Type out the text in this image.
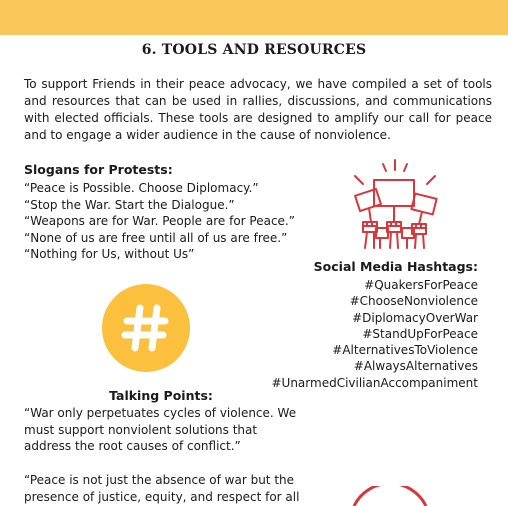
6. TOOLS AND RESOURCES
To support Friends in their peace advocacy, we have compiled a set of tools and resources that can be used in rallies, discussions, and communications with elected officials. These tools are designed to amplify our call for peace and to engage a wider audience in the cause of nonviolence.
Slogans for Protests:
“Peace is Possible. Choose Diplomacy.”
“Stop the War. Start the Dialogue.”
“Weapons are for War. People are for Peace.”
“None of us are free until all of us are free.”
“Nothing for Us, without Us”
Social Media Hashtags:
#QuakersForPeace
#ChooseNonviolence
#DiplomacyOverWar
#StandUpForPeace
#AlternativesToViolence
#AlwaysAlternatives
#UnarmedCivilianAccompaniment
Talking Points:
“War only perpetuates cycles of violence. We must support nonviolent solutions that address the root causes of conflict.”
“Peace is not just the absence of war but the presence of justice, equity, and respect for all
